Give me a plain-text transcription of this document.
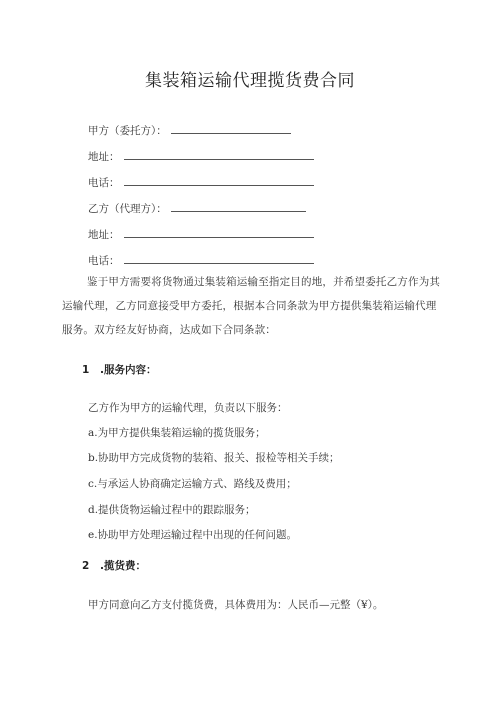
集装箱运输代理揽货费合同
甲方（委托方）：
地址：
电话：
乙方（代理方）：
地址：
电话：
鉴于甲方需要将货物通过集装箱运输至指定目的地，并希望委托乙方作为其运输代理，乙方同意接受甲方委托，根据本合同条款为甲方提供集装箱运输代理服务。双方经友好协商，达成如下合同条款：
1 .服务内容：
乙方作为甲方的运输代理，负责以下服务：
a.为甲方提供集装箱运输的揽货服务；
b.协助甲方完成货物的装箱、报关、报检等相关手续；
c.与承运人协商确定运输方式、路线及费用；
d.提供货物运输过程中的跟踪服务；
e.协助甲方处理运输过程中出现的任何问题。
2 .揽货费：
甲方同意向乙方支付揽货费，具体费用为：人民币—元整（¥）。
